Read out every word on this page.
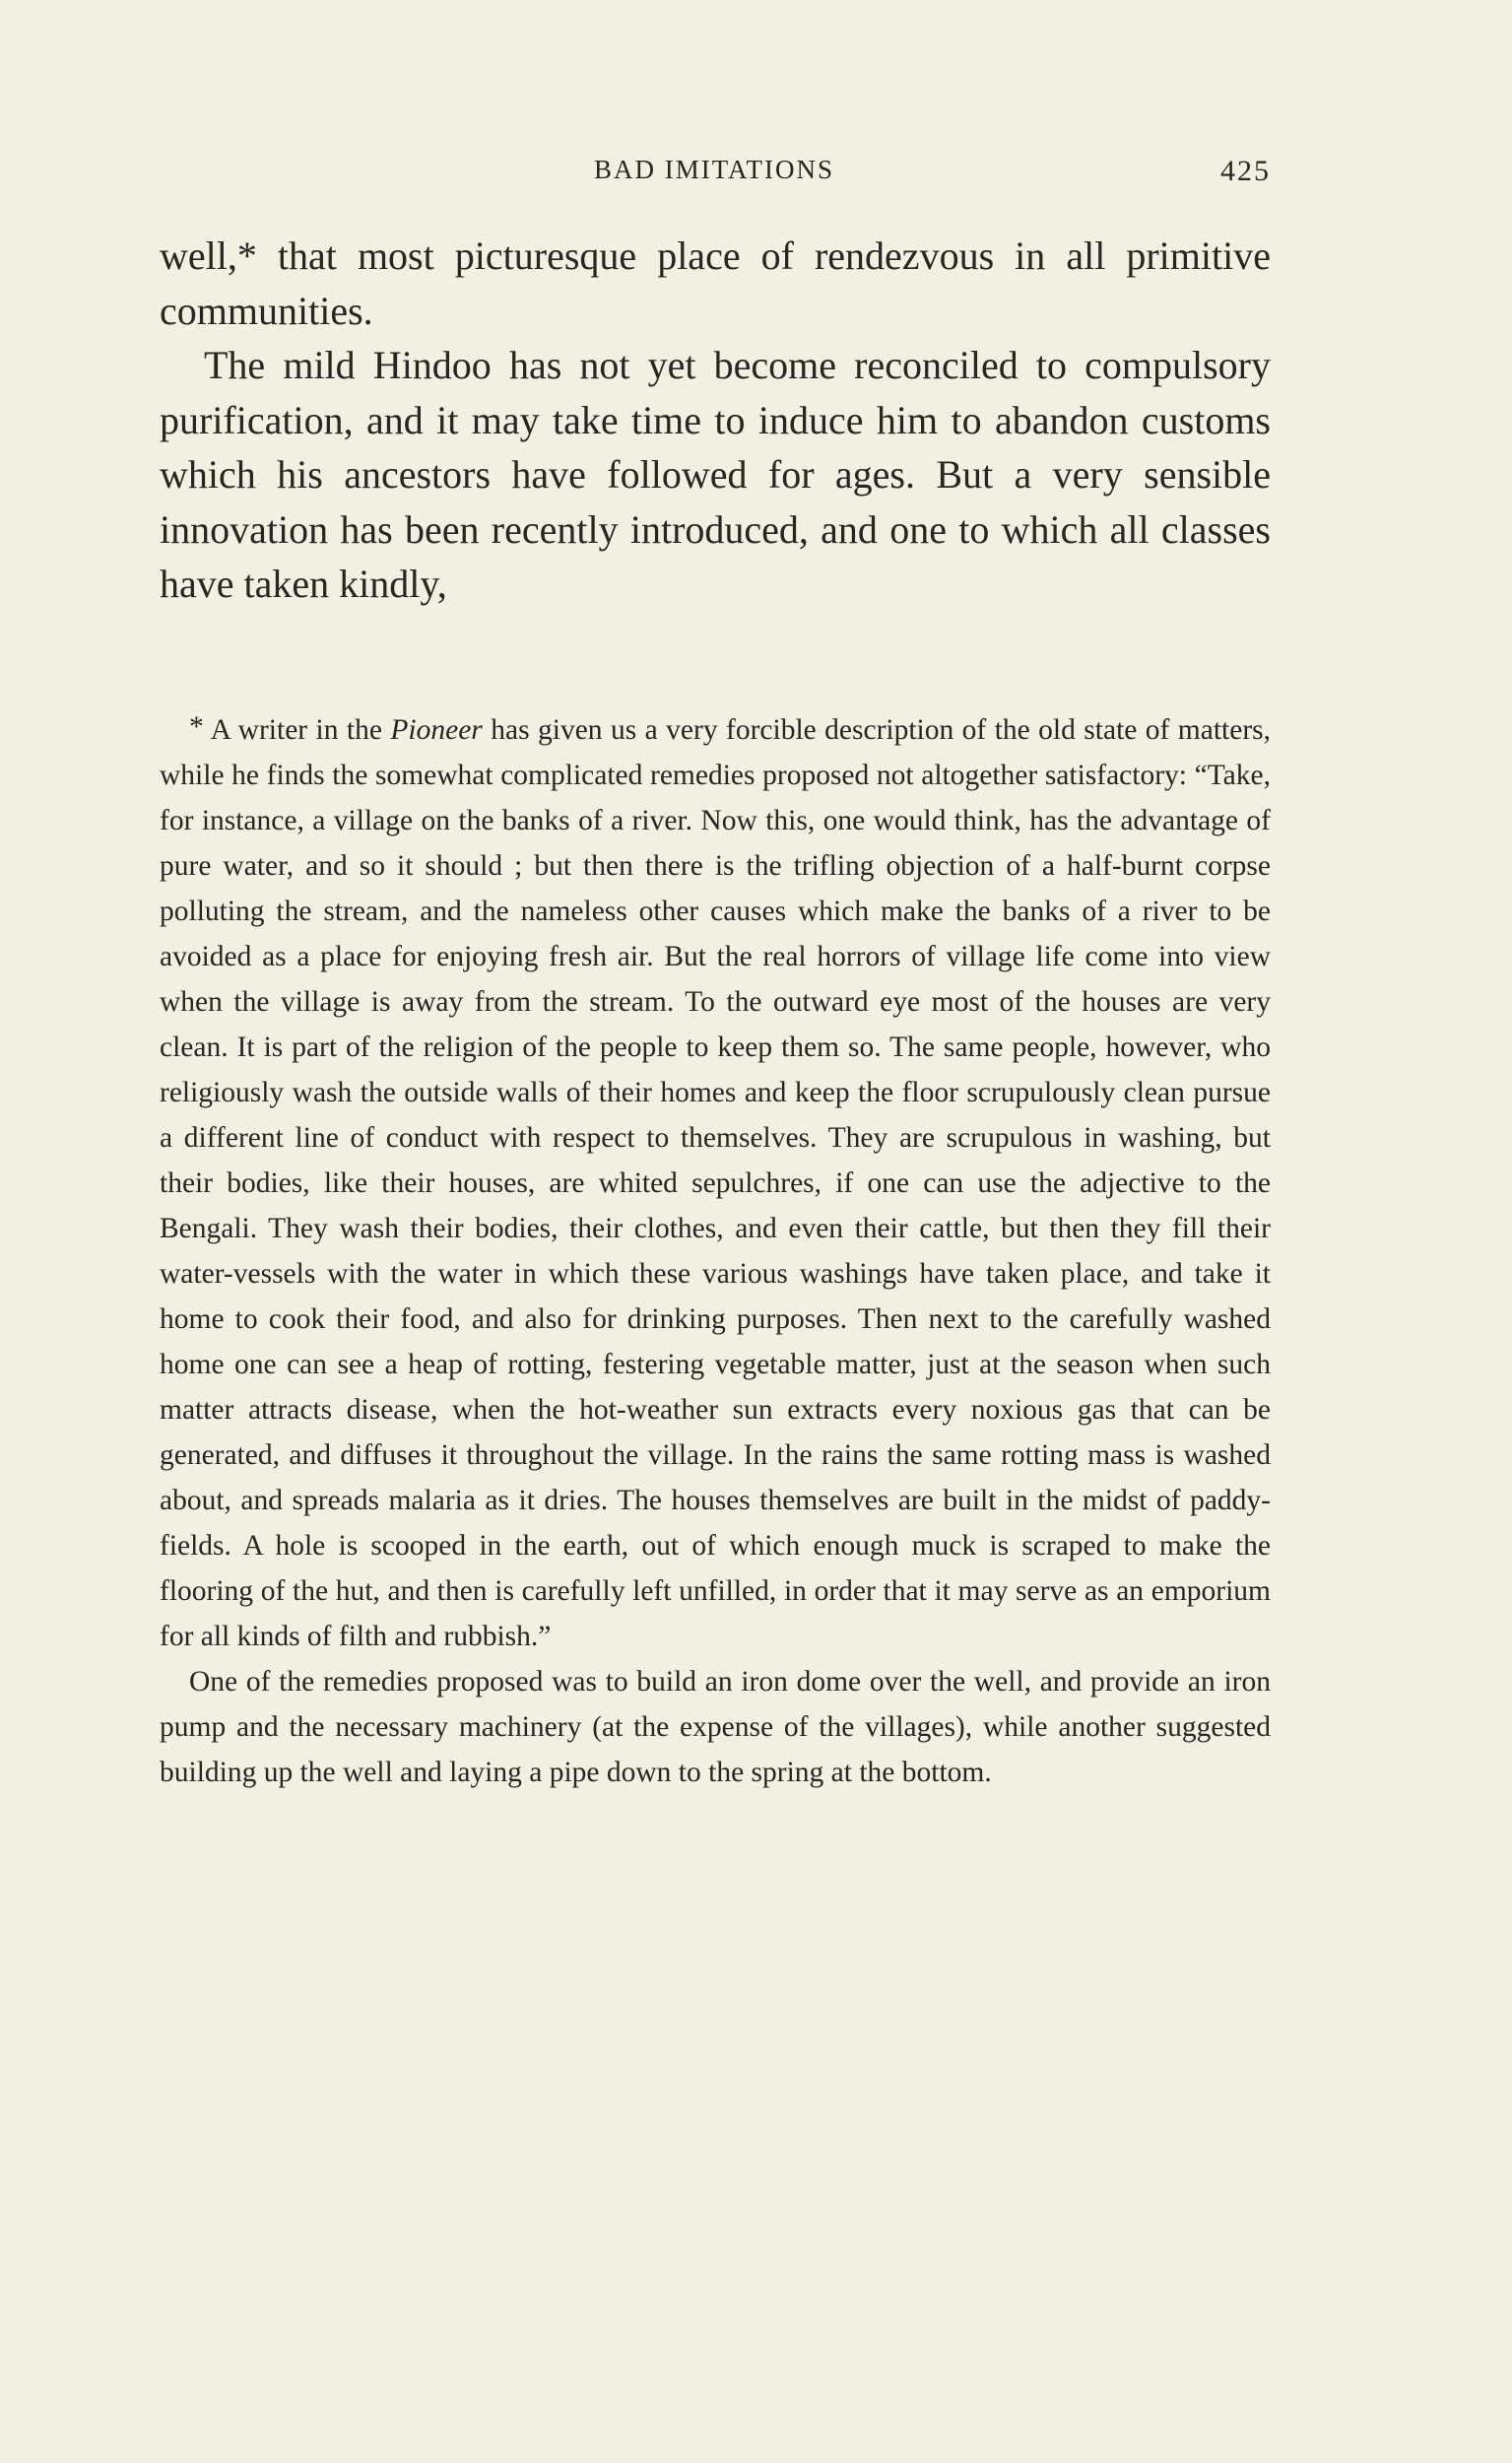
BAD IMITATIONS	425

well,* that most picturesque place of rendezvous in all primitive communities.

The mild Hindoo has not yet become reconciled to compulsory purification, and it may take time to induce him to abandon customs which his ancestors have followed for ages. But a very sensible innovation has been recently introduced, and one to which all classes have taken kindly,

* A writer in the Pioneer has given us a very forcible description of the old state of matters, while he finds the somewhat complicated remedies proposed not altogether satisfactory: “Take, for instance, a village on the banks of a river. Now this, one would think, has the advantage of pure water, and so it should ; but then there is the trifling objection of a half-burnt corpse polluting the stream, and the nameless other causes which make the banks of a river to be avoided as a place for enjoying fresh air. But the real horrors of village life come into view when the village is away from the stream. To the outward eye most of the houses are very clean. It is part of the religion of the people to keep them so. The same people, however, who religiously wash the outside walls of their homes and keep the floor scrupulously clean pursue a different line of conduct with respect to themselves. They are scrupulous in washing, but their bodies, like their houses, are whited sepulchres, if one can use the adjective to the Bengali. They wash their bodies, their clothes, and even their cattle, but then they fill their water-vessels with the water in which these various washings have taken place, and take it home to cook their food, and also for drinking purposes. Then next to the carefully washed home one can see a heap of rotting, festering vegetable matter, just at the season when such matter attracts disease, when the hot-weather sun extracts every noxious gas that can be generated, and diffuses it throughout the village. In the rains the same rotting mass is washed about, and spreads malaria as it dries. The houses themselves are built in the midst of paddy-fields. A hole is scooped in the earth, out of which enough muck is scraped to make the flooring of the hut, and then is carefully left unfilled, in order that it may serve as an emporium for all kinds of filth and rubbish.”

One of the remedies proposed was to build an iron dome over the well, and provide an iron pump and the necessary machinery (at the expense of the villages), while another suggested building up the well and laying a pipe down to the spring at the bottom.
